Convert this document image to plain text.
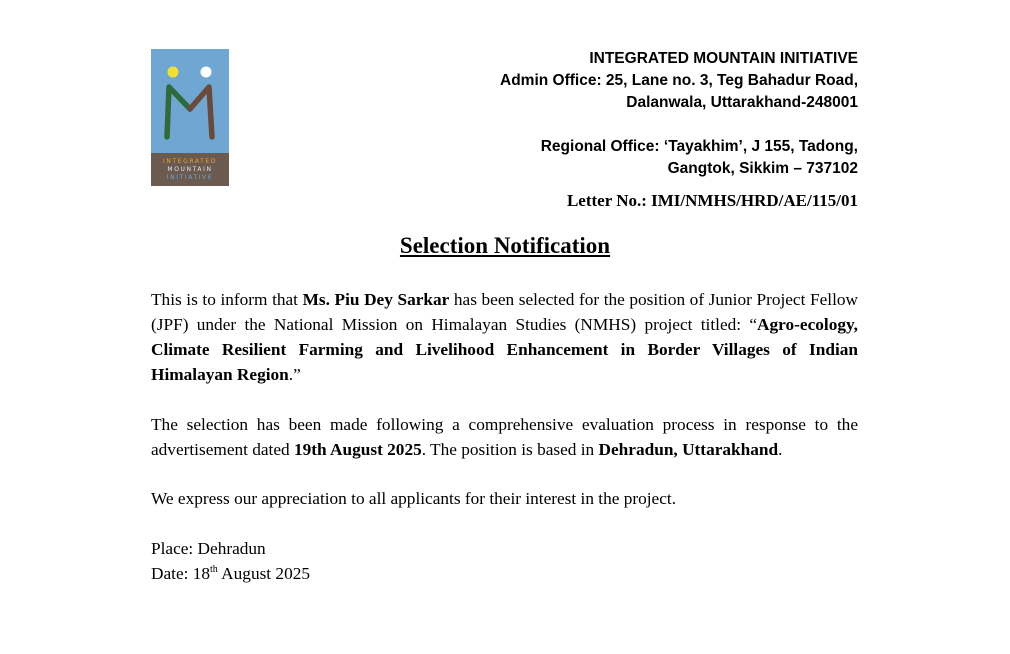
INTEGRATED
MOUNTAIN
INITIATIVE
INTEGRATED MOUNTAIN INITIATIVE
Admin Office: 25, Lane no. 3, Teg Bahadur Road,
Dalanwala, Uttarakhand-248001
Regional Office: ‘Tayakhim’, J 155, Tadong,
Gangtok, Sikkim – 737102
Letter No.: IMI/NMHS/HRD/AE/115/01
Selection Notification
This is to inform that Ms. Piu Dey Sarkar has been selected for the position of Junior Project Fellow (JPF) under the National Mission on Himalayan Studies (NMHS) project titled: “Agro-ecology, Climate Resilient Farming and Livelihood Enhancement in Border Villages of Indian Himalayan Region.”
The selection has been made following a comprehensive evaluation process in response to the advertisement dated 19th August 2025. The position is based in Dehradun, Uttarakhand.
We express our appreciation to all applicants for their interest in the project.
Place: Dehradun
Date: 18th August 2025
